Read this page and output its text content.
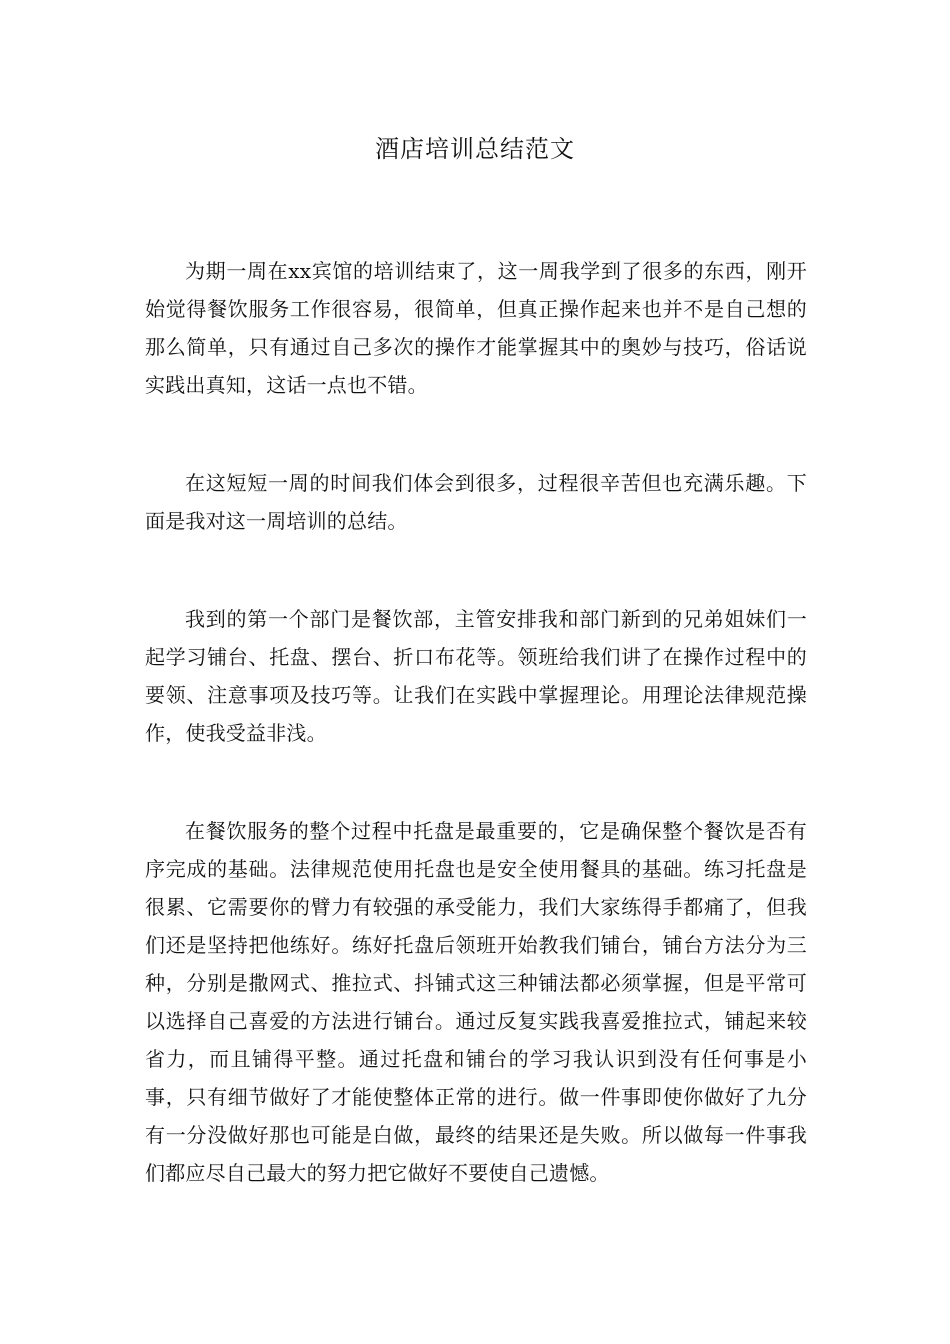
酒店培训总结范文

为期一周在xx宾馆的培训结束了，这一周我学到了很多的东西，刚开始觉得餐饮服务工作很容易，很简单，但真正操作起来也并不是自己想的那么简单，只有通过自己多次的操作才能掌握其中的奥妙与技巧，俗话说实践出真知，这话一点也不错。

在这短短一周的时间我们体会到很多，过程很辛苦但也充满乐趣。下面是我对这一周培训的总结。

我到的第一个部门是餐饮部，主管安排我和部门新到的兄弟姐妹们一起学习铺台、托盘、摆台、折口布花等。领班给我们讲了在操作过程中的要领、注意事项及技巧等。让我们在实践中掌握理论。用理论法律规范操作，使我受益非浅。

在餐饮服务的整个过程中托盘是最重要的，它是确保整个餐饮是否有序完成的基础。法律规范使用托盘也是安全使用餐具的基础。练习托盘是很累、它需要你的臂力有较强的承受能力，我们大家练得手都痛了，但我们还是坚持把他练好。练好托盘后领班开始教我们铺台，铺台方法分为三种，分别是撒网式、推拉式、抖铺式这三种铺法都必须掌握，但是平常可以选择自己喜爱的方法进行铺台。通过反复实践我喜爱推拉式，铺起来较省力，而且铺得平整。通过托盘和铺台的学习我认识到没有任何事是小事，只有细节做好了才能使整体正常的进行。做一件事即使你做好了九分有一分没做好那也可能是白做，最终的结果还是失败。所以做每一件事我们都应尽自己最大的努力把它做好不要使自己遗憾。
